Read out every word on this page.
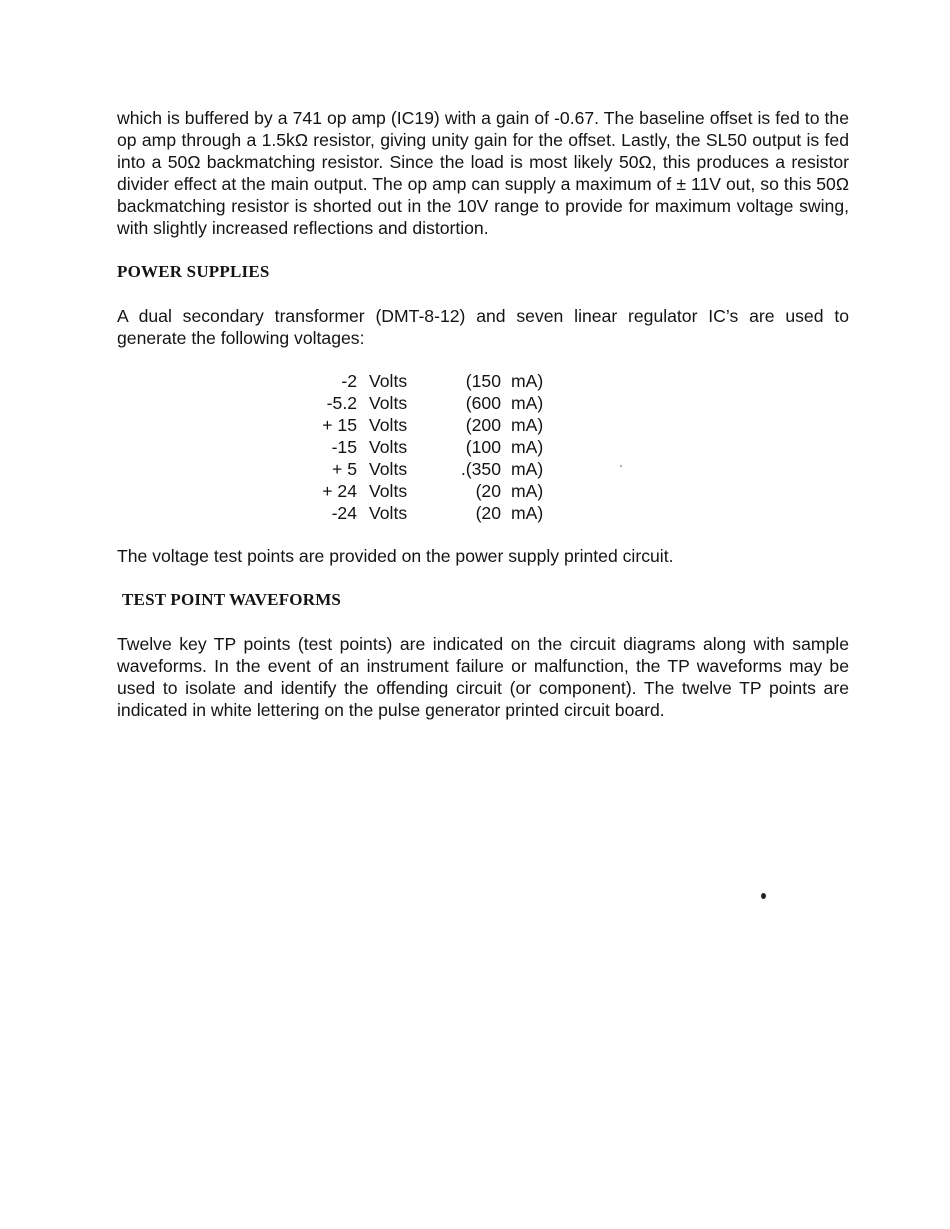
which is buffered by a 741 op amp (IC19) with a gain of -0.67. The baseline offset is fed to the op amp through a 1.5kΩ resistor, giving unity gain for the offset. Lastly, the SL50 output is fed into a 50Ω backmatching resistor. Since the load is most likely 50Ω, this produces a resistor divider effect at the main output. The op amp can supply a maximum of ± 11V out, so this 50Ω backmatching resistor is shorted out in the 10V range to provide for maximum voltage swing, with slightly increased reflections and distortion.

POWER SUPPLIES

A dual secondary transformer (DMT-8-12) and seven linear regulator IC’s are used to generate the following voltages:

-2	Volts	(150	mA)
-5.2	Volts	(600	mA)
+ 15	Volts	(200	mA)
-15	Volts	(100	mA)
+ 5	Volts	.(350	mA)
+ 24	Volts	(20	mA)
-24	Volts	(20	mA)

The voltage test points are provided on the power supply printed circuit.

TEST POINT WAVEFORMS

Twelve key TP points (test points) are indicated on the circuit diagrams along with sample waveforms. In the event of an instrument failure or malfunction, the TP waveforms may be used to isolate and identify the offending circuit (or component). The twelve TP points are indicated in white lettering on the pulse generator printed circuit board.
